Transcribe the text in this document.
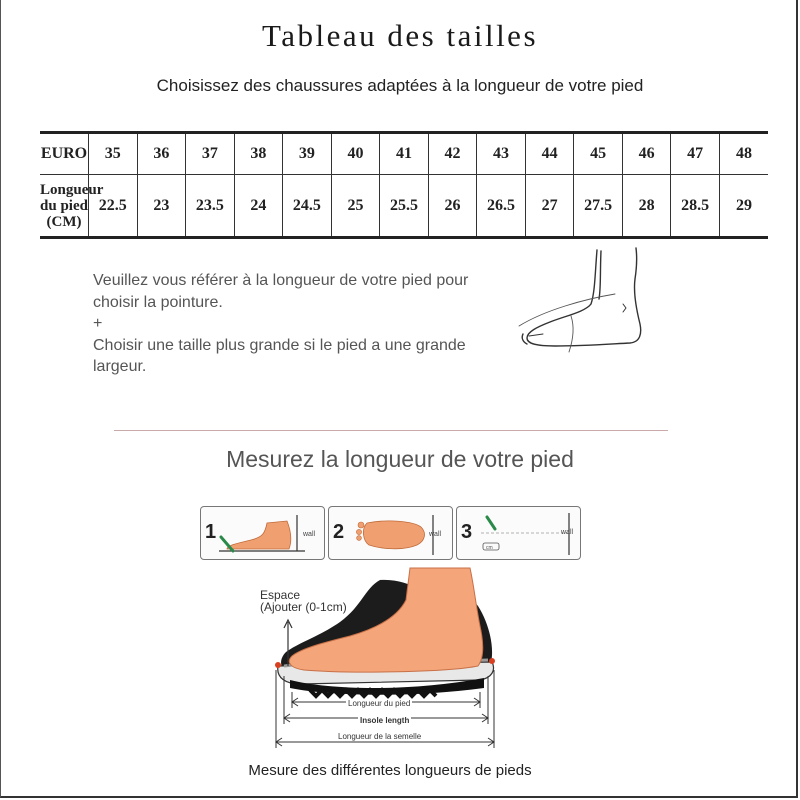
Tableau des tailles
Choisissez des chaussures adaptées à la longueur de votre pied
EURO	35	36	37	38	39	40	41	42	43	44	45	46	47	48

Longueur
du pied
(CM)	22.5	23	23.5	24	24.5	25	25.5	26	26.5	27	27.5	28	28.5	29
Veuillez vous référer à la longueur de votre pied pour
choisir la pointure.
+
Choisir une taille plus grande si le pied a une grande
largeur.
Mesurez la longueur de votre pied
1	wall 2	wall 3
cm
wall
Espace
(Ajouter (0-1cm)
Longueur du pied
Insole length
Longueur de la semelle
Mesure des différentes longueurs de pieds
